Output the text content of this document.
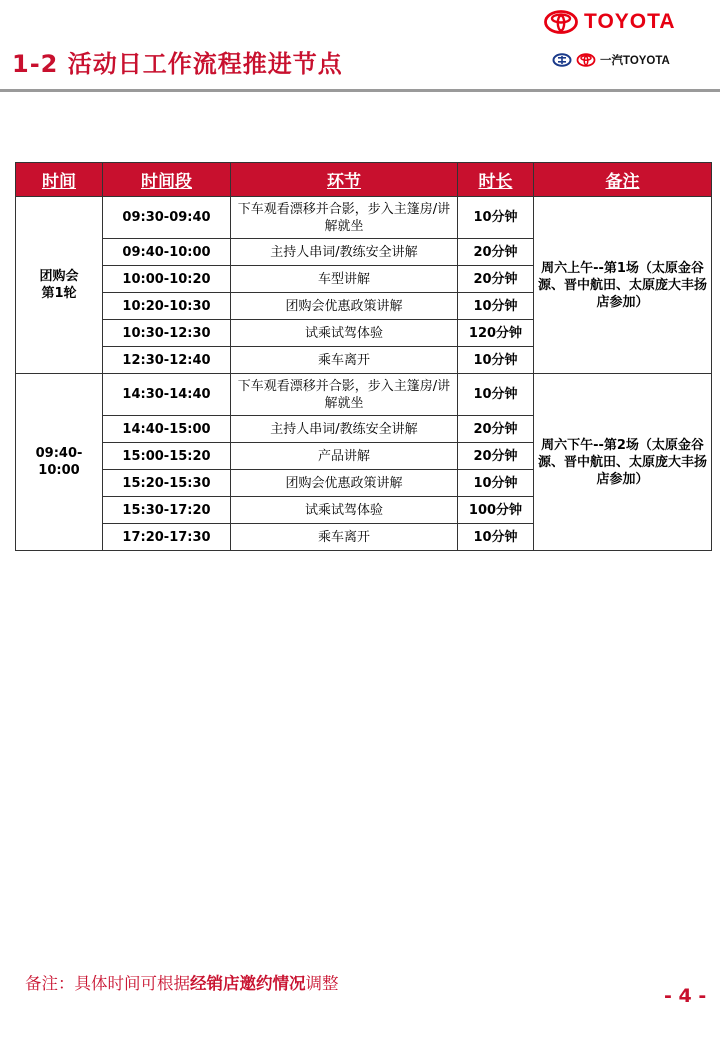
1-2 活动日工作流程推进节点
TOYOTA
一汽TOYOTA
时间	时间段	环节	时长	备注
团购会
第1轮	09:30-09:40	下车观看漂移并合影，步入主篷房/讲解就坐	10分钟	周六上午--第1场（太原金谷源、晋中航田、太原庞大丰扬店参加）
	09:40-10:00	主持人串词/教练安全讲解	20分钟	
	10:00-10:20	车型讲解	20分钟	
	10:20-10:30	团购会优惠政策讲解	10分钟	
	10:30-12:30	试乘试驾体验	120分钟	
	12:30-12:40	乘车离开	10分钟	
09:40-10:00	14:30-14:40	下车观看漂移并合影，步入主篷房/讲解就坐	10分钟	周六下午--第2场（太原金谷源、晋中航田、太原庞大丰扬店参加）
	14:40-15:00	主持人串词/教练安全讲解	20分钟	
	15:00-15:20	产品讲解	20分钟	
	15:20-15:30	团购会优惠政策讲解	10分钟	
	15:30-17:20	试乘试驾体验	100分钟	
	17:20-17:30	乘车离开	10分钟	
备注：具体时间可根据经销店邀约情况调整
- 4 -
